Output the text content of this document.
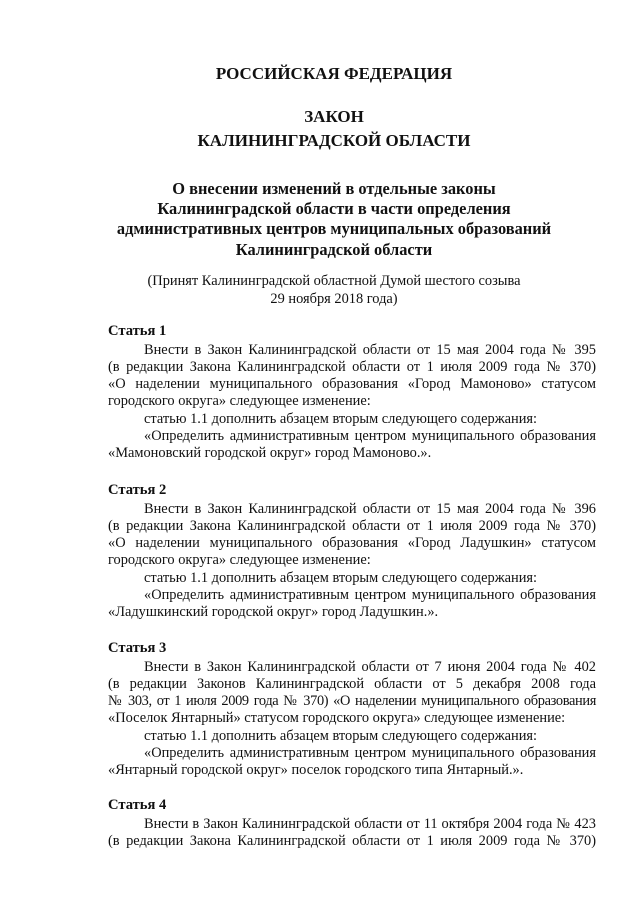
РОССИЙСКАЯ ФЕДЕРАЦИЯ
ЗАКОН
КАЛИНИНГРАДСКОЙ ОБЛАСТИ
О внесении изменений в отдельные законы
Калининградской области в части определения
административных центров муниципальных образований
Калининградской области
(Принят Калининградской областной Думой шестого созыва
29 ноября 2018 года)
Статья 1
Внести в Закон Калининградской области от 15 мая 2004 года № 395
(в редакции Закона Калининградской области от 1 июля 2009 года № 370)
«О наделении муниципального образования «Город Мамоново» статусом
городского округа» следующее изменение:
статью 1.1 дополнить абзацем вторым следующего содержания:
«Определить административным центром муниципального образования
«Мамоновский городской округ» город Мамоново.».
Статья 2
Внести в Закон Калининградской области от 15 мая 2004 года № 396
(в редакции Закона Калининградской области от 1 июля 2009 года № 370)
«О наделении муниципального образования «Город Ладушкин» статусом
городского округа» следующее изменение:
статью 1.1 дополнить абзацем вторым следующего содержания:
«Определить административным центром муниципального образования
«Ладушкинский городской округ» город Ладушкин.».
Статья 3
Внести в Закон Калининградской области от 7 июня 2004 года № 402
(в редакции Законов Калининградской области от 5 декабря 2008 года
№ 303, от 1 июля 2009 года № 370) «О наделении муниципального образования
«Поселок Янтарный» статусом городского округа» следующее изменение:
статью 1.1 дополнить абзацем вторым следующего содержания:
«Определить административным центром муниципального образования
«Янтарный городской округ» поселок городского типа Янтарный.».
Статья 4
Внести в Закон Калининградской области от 11 октября 2004 года № 423
(в редакции Закона Калининградской области от 1 июля 2009 года № 370)
